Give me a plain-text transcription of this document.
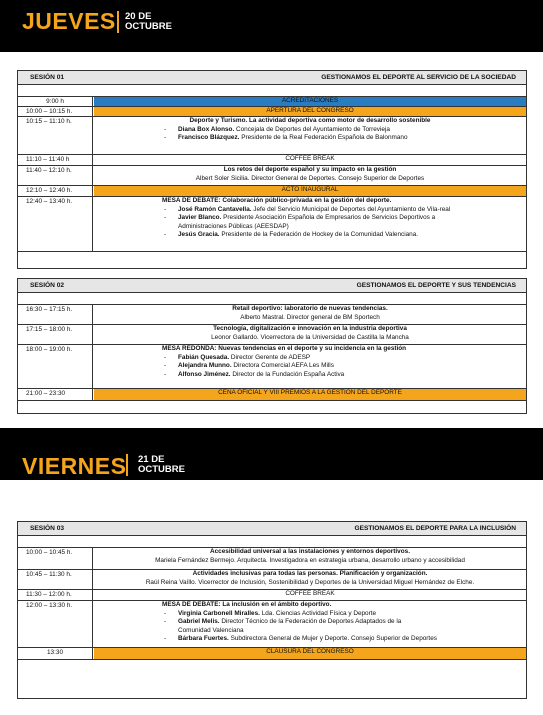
JUEVES 20 DE
OCTUBRE
VIERNES 21 DE
OCTUBRE
SESIÓN 01	GESTIONAMOS EL DEPORTE AL SERVICIO DE LA SOCIEDAD
9:00 h	ACREDITACIONES
10:00 – 10:15 h.	APERTURA DEL CONGRESO
10:15 – 11:10 h.	Deporte y Turismo. La actividad deportiva como motor de desarrollo sostenible
- Diana Box Alonso. Concejala de Deportes del Ayuntamiento de Torrevieja
- Francisco Blázquez. Presidente de la Real Federación Española de Balonmano
11:10 – 11:40 h	COFFEE BREAK
11:40 – 12:10 h.	Los retos del deporte español y su impacto en la gestión
Albert Soler Sicilia. Director General de Deportes. Consejo Superior de Deportes
12:10 – 12:40 h.	ACTO INAUGURAL
12:40 – 13:40 h.	MESA DE DEBATE: Colaboración público-privada en la gestión del deporte.
- José Ramón Cantavella. Jefe del Servicio Municipal de Deportes del Ayuntamiento de Vila-real
- Javier Blanco. Presidente Asociación Española de Empresarios de Servicios Deportivos a
Administraciones Públicas (AEESDAP)
- Jesús Gracia. Presidente de la Federación de Hockey de la Comunidad Valenciana.
SESIÓN 02	GESTIONAMOS EL DEPORTE Y SUS TENDENCIAS
16:30 – 17:15 h.	Retail deportivo: laboratorio de nuevas tendencias.
Alberto Mastral. Director general de BM Sportech
17:15 – 18:00 h.	Tecnología, digitalización e innovación en la industria deportiva
Leonor Gallardo. Vicerrectora de la Universidad de Castilla la Mancha
18:00 – 19:00 h.	MESA REDONDA: Nuevas tendencias en el deporte y su incidencia en la gestión
- Fabián Quesada. Director Gerente de ADESP
- Alejandra Munno. Directora Comercial AEFA Les Mills
- Alfonso Jiménez. Director de la Fundación España Activa
21:00 – 23:30	CENA OFICIAL Y VIII PREMIOS A LA GESTIÓN DEL DEPORTE
SESIÓN 03	GESTIONAMOS EL DEPORTE PARA LA INCLUSIÓN
10:00 – 10:45 h.	Accesibilidad universal a las instalaciones y entornos deportivos.
Mariela Fernández Bermejo. Arquitecta. Investigadora en estrategia urbana, desarrollo urbano y accesibilidad
10:45 – 11:30 h.	Actividades inclusivas para todas las personas. Planificación y organización.
Raúl Reina Vaíllo. Vicerrector de Inclusión, Sostenibilidad y Deportes de la Universidad Miguel Hernández de Elche.
11:30 – 12:00 h.	COFFEE BREAK
12:00 – 13:30 h.	MESA DE DEBATE: La inclusión en el ámbito deportivo.
- Virginia Carbonell Miralles. Lda. Ciencias Actividad Física y Deporte
- Gabriel Melis. Director Técnico de la Federación de Deportes Adaptados de la
Comunidad Valenciana
- Bárbara Fuertes. Subdirectora General de Mujer y Deporte. Consejo Superior de Deportes
13:30	CLAUSURA DEL CONGRESO
